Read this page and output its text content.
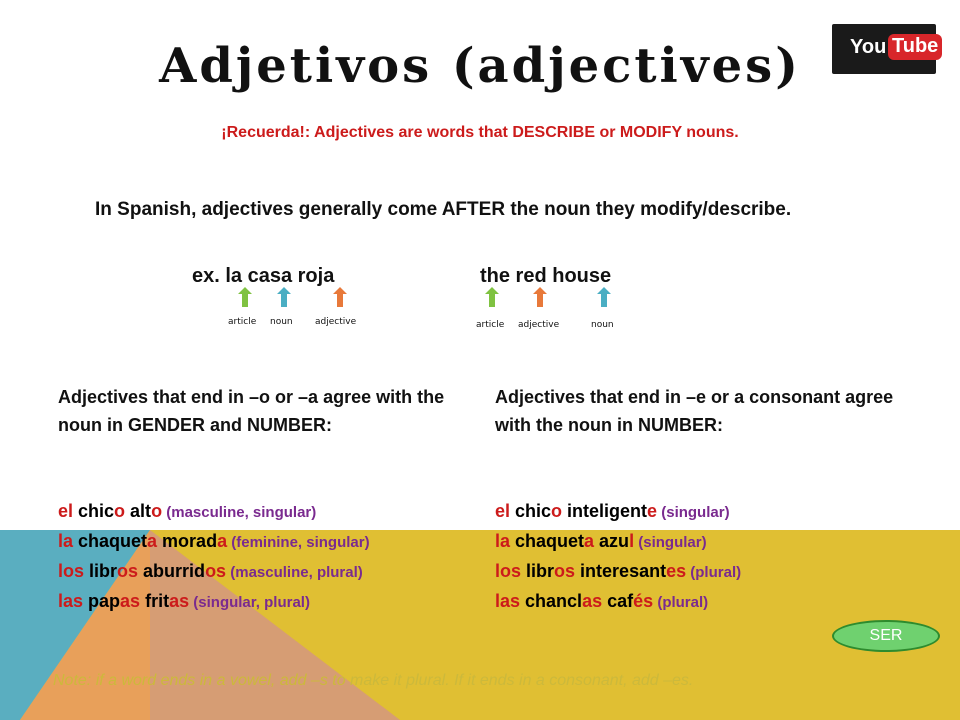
Adjetivos (adjectives)	You Tube
¡Recuerda!: Adjectives are words that DESCRIBE or MODIFY nouns.
In Spanish, adjectives generally come AFTER the noun they modify/describe.
ex. la casa roja	the red house
article noun adjective	article adjective	noun
Adjectives that end in –o or –a agree with the noun in GENDER and NUMBER:
el chico alto (masculine, singular)
la chaqueta morada (feminine, singular)
los libros aburridos (masculine, plural)
las papas fritas (singular, plural)
Adjectives that end in –e or a consonant agree with the noun in NUMBER:
el chico inteligente (singular)
la chaqueta azul (singular)
los libros interesantes (plural)
las chanclas cafés (plural)
SER
Note: if a word ends in a vowel, add –s to make it plural. If it ends in a consonant, add –es.
